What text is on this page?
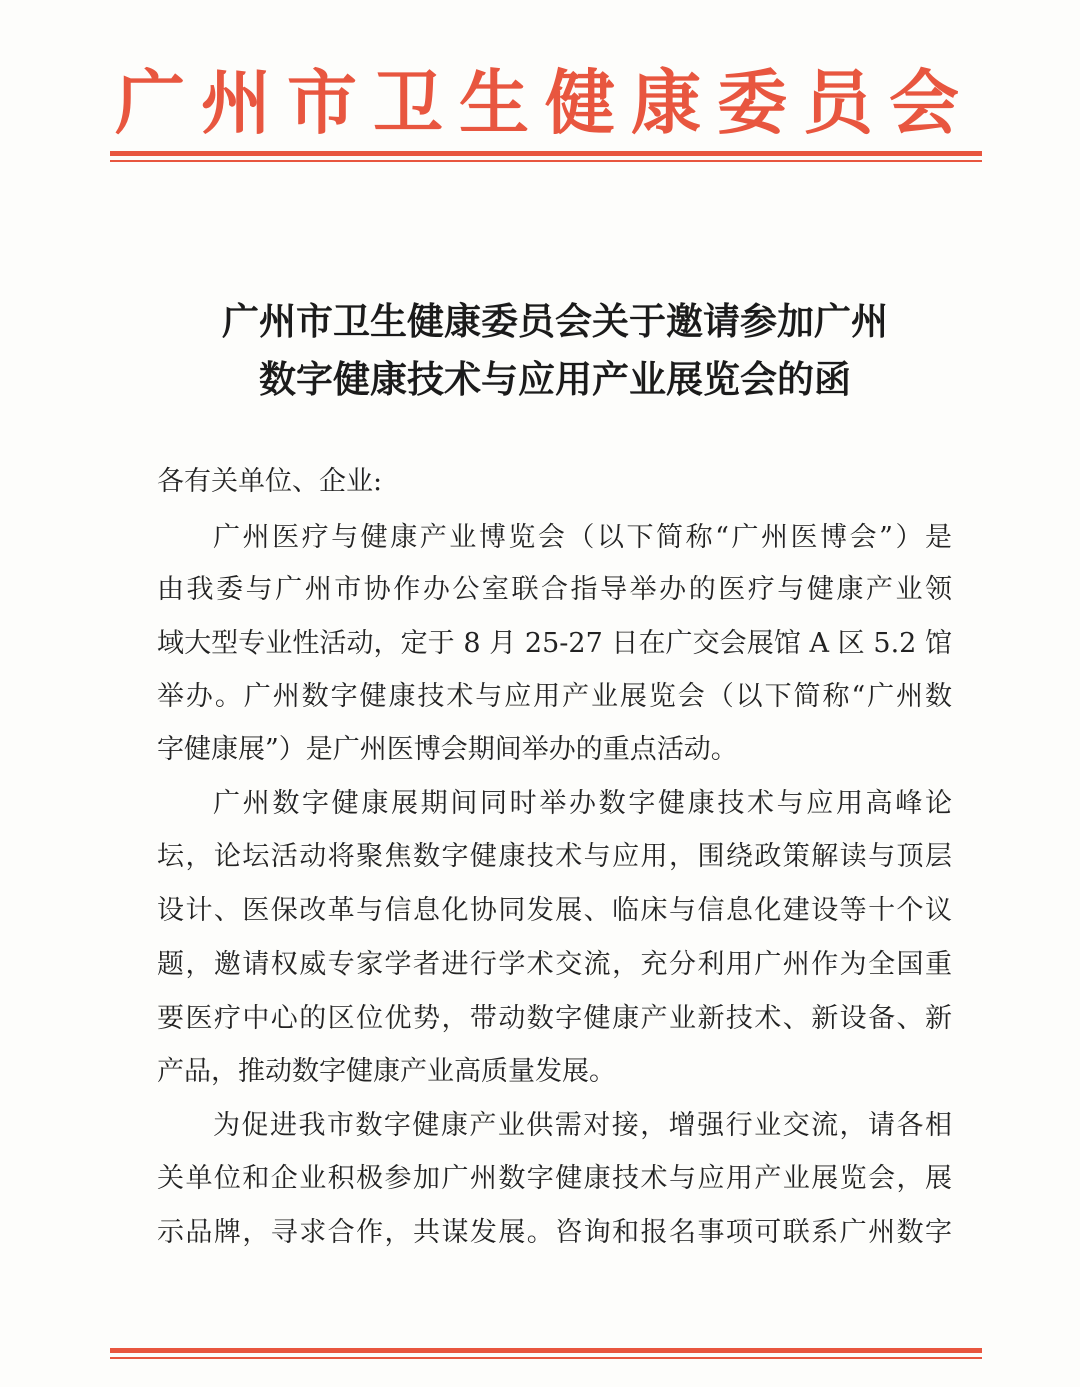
广州市卫生健康委员会
广州市卫生健康委员会关于邀请参加广州
数字健康技术与应用产业展览会的函
各有关单位、企业:
广州医疗与健康产业博览会（以下简称“广州医博会”）是
由我委与广州市协作办公室联合指导举办的医疗与健康产业领
域大型专业性活动，定于 8 月 25-27 日在广交会展馆 A 区 5.2 馆
举办。广州数字健康技术与应用产业展览会（以下简称“广州数
字健康展”）是广州医博会期间举办的重点活动。
广州数字健康展期间同时举办数字健康技术与应用高峰论
坛，论坛活动将聚焦数字健康技术与应用，围绕政策解读与顶层
设计、医保改革与信息化协同发展、临床与信息化建设等十个议
题，邀请权威专家学者进行学术交流，充分利用广州作为全国重
要医疗中心的区位优势，带动数字健康产业新技术、新设备、新
产品，推动数字健康产业高质量发展。
为促进我市数字健康产业供需对接，增强行业交流，请各相
关单位和企业积极参加广州数字健康技术与应用产业展览会，展
示品牌，寻求合作，共谋发展。咨询和报名事项可联系广州数字
